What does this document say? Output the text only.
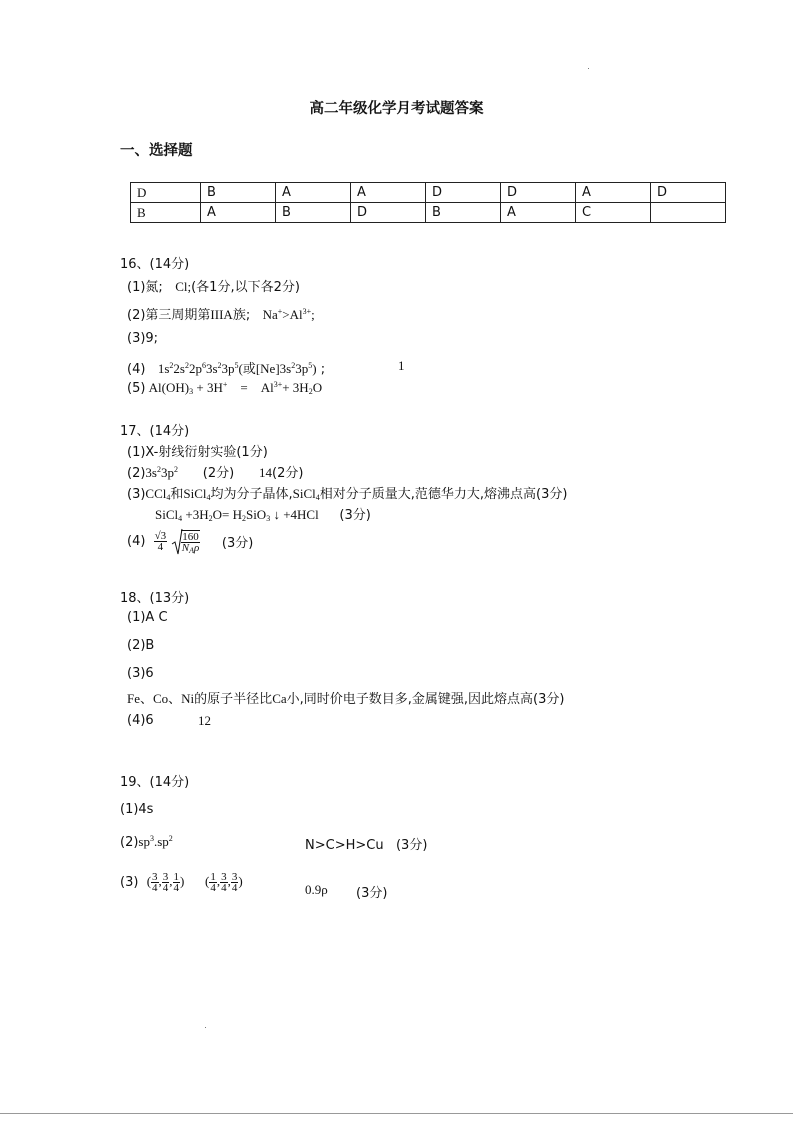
高二年级化学月考试题答案
一、选择题
D	B	A	A	D	D	A	D
B	A	B	D	B	A	C	
16、(14分)
(1)氮; Cl;(各1分,以下各2分)
(2)第三周期第IIIA族; $Na^+>Al^{3+}$;
(3)9;
(4) $1s^22s^22p^63s^23p^5$(或$[Ne]3s^23p^5$) ;	1
(5) $Al(OH)_3 + 3H^+ = Al^{3+}+ 3H_2O$
17、(14分)
(1)X-射线衍射实验(1分)
$(2)3s^23p^2$ (2分) 14(2分)
(3)CCl$_4$和SiCl$_4$均为分子晶体,SiCl$_4$相对分子质量大,范德华力大,熔沸点高(3分)
SiCl$_4$ $+3H_2O= H_2SiO_3$ ↓ +4HCl (3分)
$(4) \frac{√3}{4}$
$\frac{160}{N_A\rho} (3$分)
18、(13分)
(1)A C
(2)B
(3)6
Fe、Co、Ni的原子半径比Ca小,同时价电子数目多,金属键强,因此熔点高(3分)
(4)6	12
19、(14分)
(1)4s
$(2)sp^3.sp^2$	N>C>H>Cu (3分)
(3) ( $\frac{3}{4}$ , $\frac{3}{4}$ , $\frac{1}{4}$ ) ( $\frac{1}{4}$ , $\frac{3}{4}$ , $\frac{3}{4}$ )
0.9ρ (3分)
